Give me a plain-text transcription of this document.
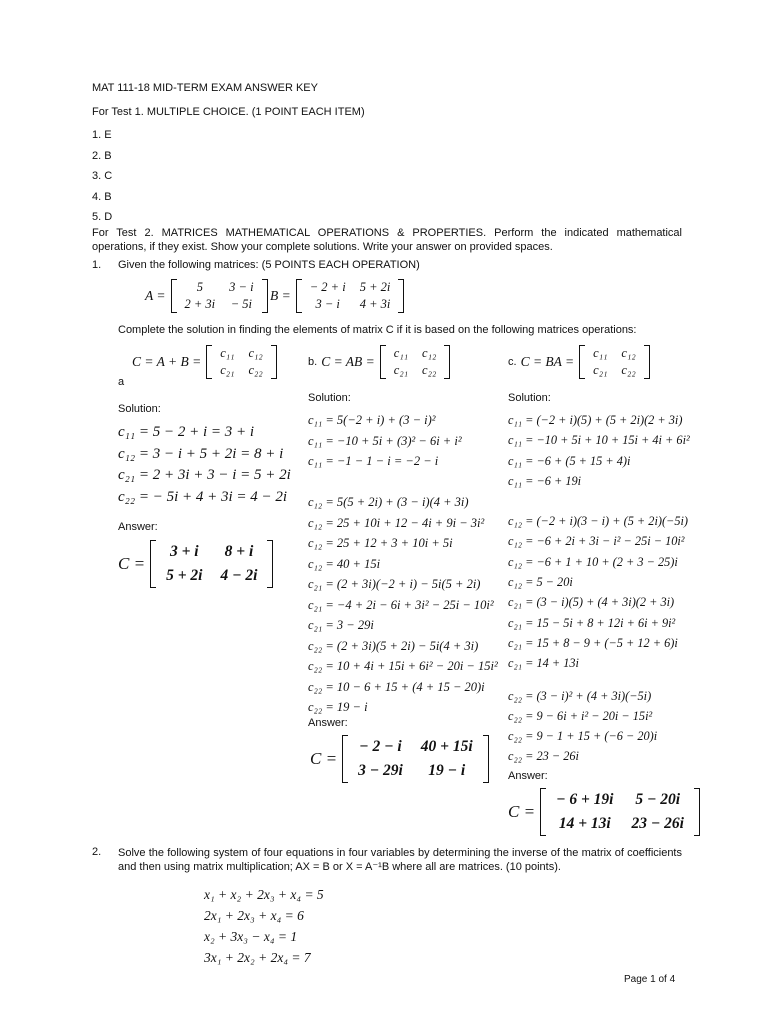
MAT 111-18 MID-TERM EXAM ANSWER KEY
For Test 1. MULTIPLE CHOICE. (1 POINT EACH ITEM)
1. E
2. B
3. C
4. B
5. D
For Test 2. MATRICES MATHEMATICAL OPERATIONS & PROPERTIES. Perform the indicated mathematical operations, if they exist. Show your complete solutions. Write your answer on provided spaces.
1. Given the following matrices: (5 POINTS EACH OPERATION)
A =
5	3 − i
2 + 3i	− 5i
B =
− 2 + i	5 + 2i
3 − i	4 + 3i
Complete the solution in finding the elements of matrix C if it is based on the following matrices operations:
C = A + B =
c₁₁	c₁₂
c₂₁	c₂₂
a
Solution:
c₁₁ = 5 − 2 + i = 3 + i
c₁₂ = 3 − i + 5 + 2i = 8 + i
c₂₁ = 2 + 3i + 3 − i = 5 + 2i
c₂₂ = − 5i + 4 + 3i = 4 − 2i
Answer:
C =
3 + i	8 + i
5 + 2i	4 − 2i
b. C = AB =
c₁₁	c₁₂
c₂₁	c₂₂
Solution:
c₁₁ = 5(−2 + i) + (3 − i)²
c₁₁ = −10 + 5i + (3)² − 6i + i²
c₁₁ = −1 − 1 − i = −2 − i
c₁₂ = 5(5 + 2i) + (3 − i)(4 + 3i)
c₁₂ = 25 + 10i + 12 − 4i + 9i − 3i²
c₁₂ = 25 + 12 + 3 + 10i + 5i
c₁₂ = 40 + 15i
c₂₁ = (2 + 3i)(−2 + i) − 5i(5 + 2i)
c₂₁ = −4 + 2i − 6i + 3i² − 25i − 10i²
c₂₁ = 3 − 29i
c₂₂ = (2 + 3i)(5 + 2i) − 5i(4 + 3i)
c₂₂ = 10 + 4i + 15i + 6i² − 20i − 15i²
c₂₂ = 10 − 6 + 15 + (4 + 15 − 20)i
c₂₂ = 19 − i
Answer:
C =
− 2 − i	40 + 15i
3 − 29i	19 − i
c. C = BA =
c₁₁	c₁₂
c₂₁	c₂₂
Solution:
c₁₁ = (−2 + i)(5) + (5 + 2i)(2 + 3i)
c₁₁ = −10 + 5i + 10 + 15i + 4i + 6i²
c₁₁ = −6 + (5 + 15 + 4)i
c₁₁ = −6 + 19i
c₁₂ = (−2 + i)(3 − i) + (5 + 2i)(−5i)
c₁₂ = −6 + 2i + 3i − i² − 25i − 10i²
c₁₂ = −6 + 1 + 10 + (2 + 3 − 25)i
c₁₂ = 5 − 20i
c₂₁ = (3 − i)(5) + (4 + 3i)(2 + 3i)
c₂₁ = 15 − 5i + 8 + 12i + 6i + 9i²
c₂₁ = 15 + 8 − 9 + (−5 + 12 + 6)i
c₂₁ = 14 + 13i
c₂₂ = (3 − i)² + (4 + 3i)(−5i)
c₂₂ = 9 − 6i + i² − 20i − 15i²
c₂₂ = 9 − 1 + 15 + (−6 − 20)i
c₂₂ = 23 − 26i
Answer:
C =
− 6 + 19i	5 − 20i
14 + 13i	23 − 26i
2. Solve the following system of four equations in four variables by determining the inverse of the matrix of coefficients and then using matrix multiplication; AX = B or X = A⁻¹B where all are matrices. (10 points).
x₁ + x₂ + 2x₃ + x₄ = 5
2x₁ + 2x₃ + x₄ = 6
x₂ + 3x₃ − x₄ = 1
3x₁ + 2x₂ + 2x₄ = 7
Page 1 of 4
